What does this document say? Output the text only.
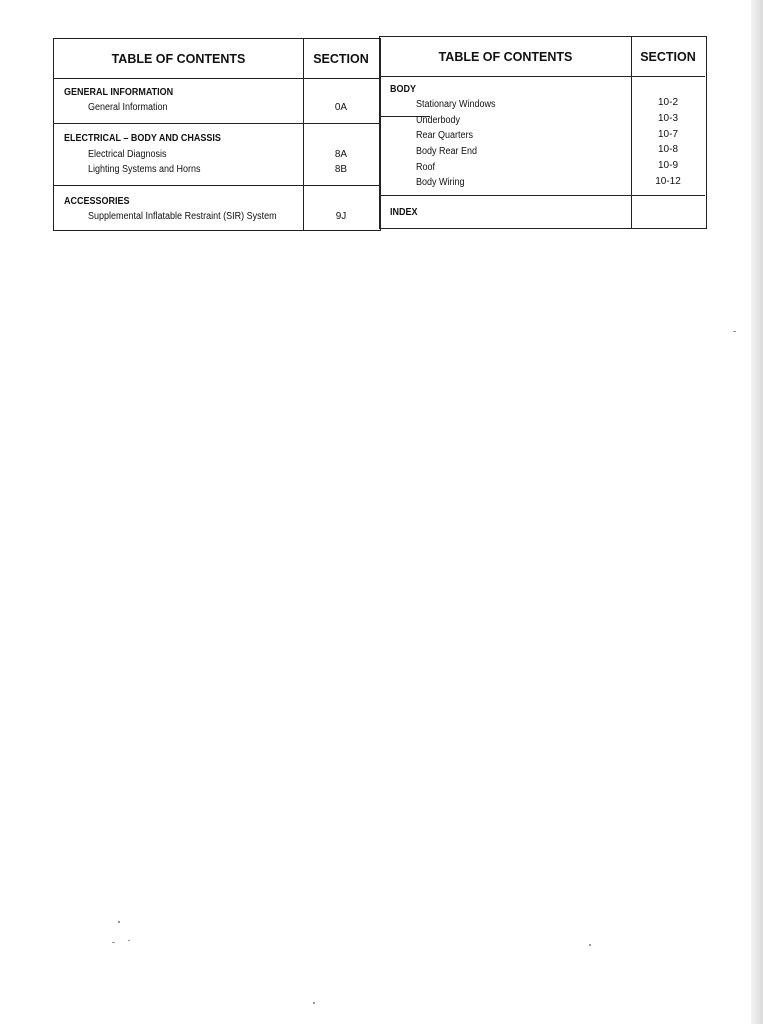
TABLE OF CONTENTS	SECTION
GENERAL INFORMATION
General Information	0A
ELECTRICAL – BODY AND CHASSIS
Electrical Diagnosis	8A
Lighting Systems and Horns	8B
ACCESSORIES
Supplemental Inflatable Restraint (SIR) System	9J
TABLE OF CONTENTS	SECTION
BODY
Stationary Windows	10-2
Underbody	10-3
Rear Quarters	10-7
Body Rear End	10-8
Roof	10-9
Body Wiring	10-12
INDEX
